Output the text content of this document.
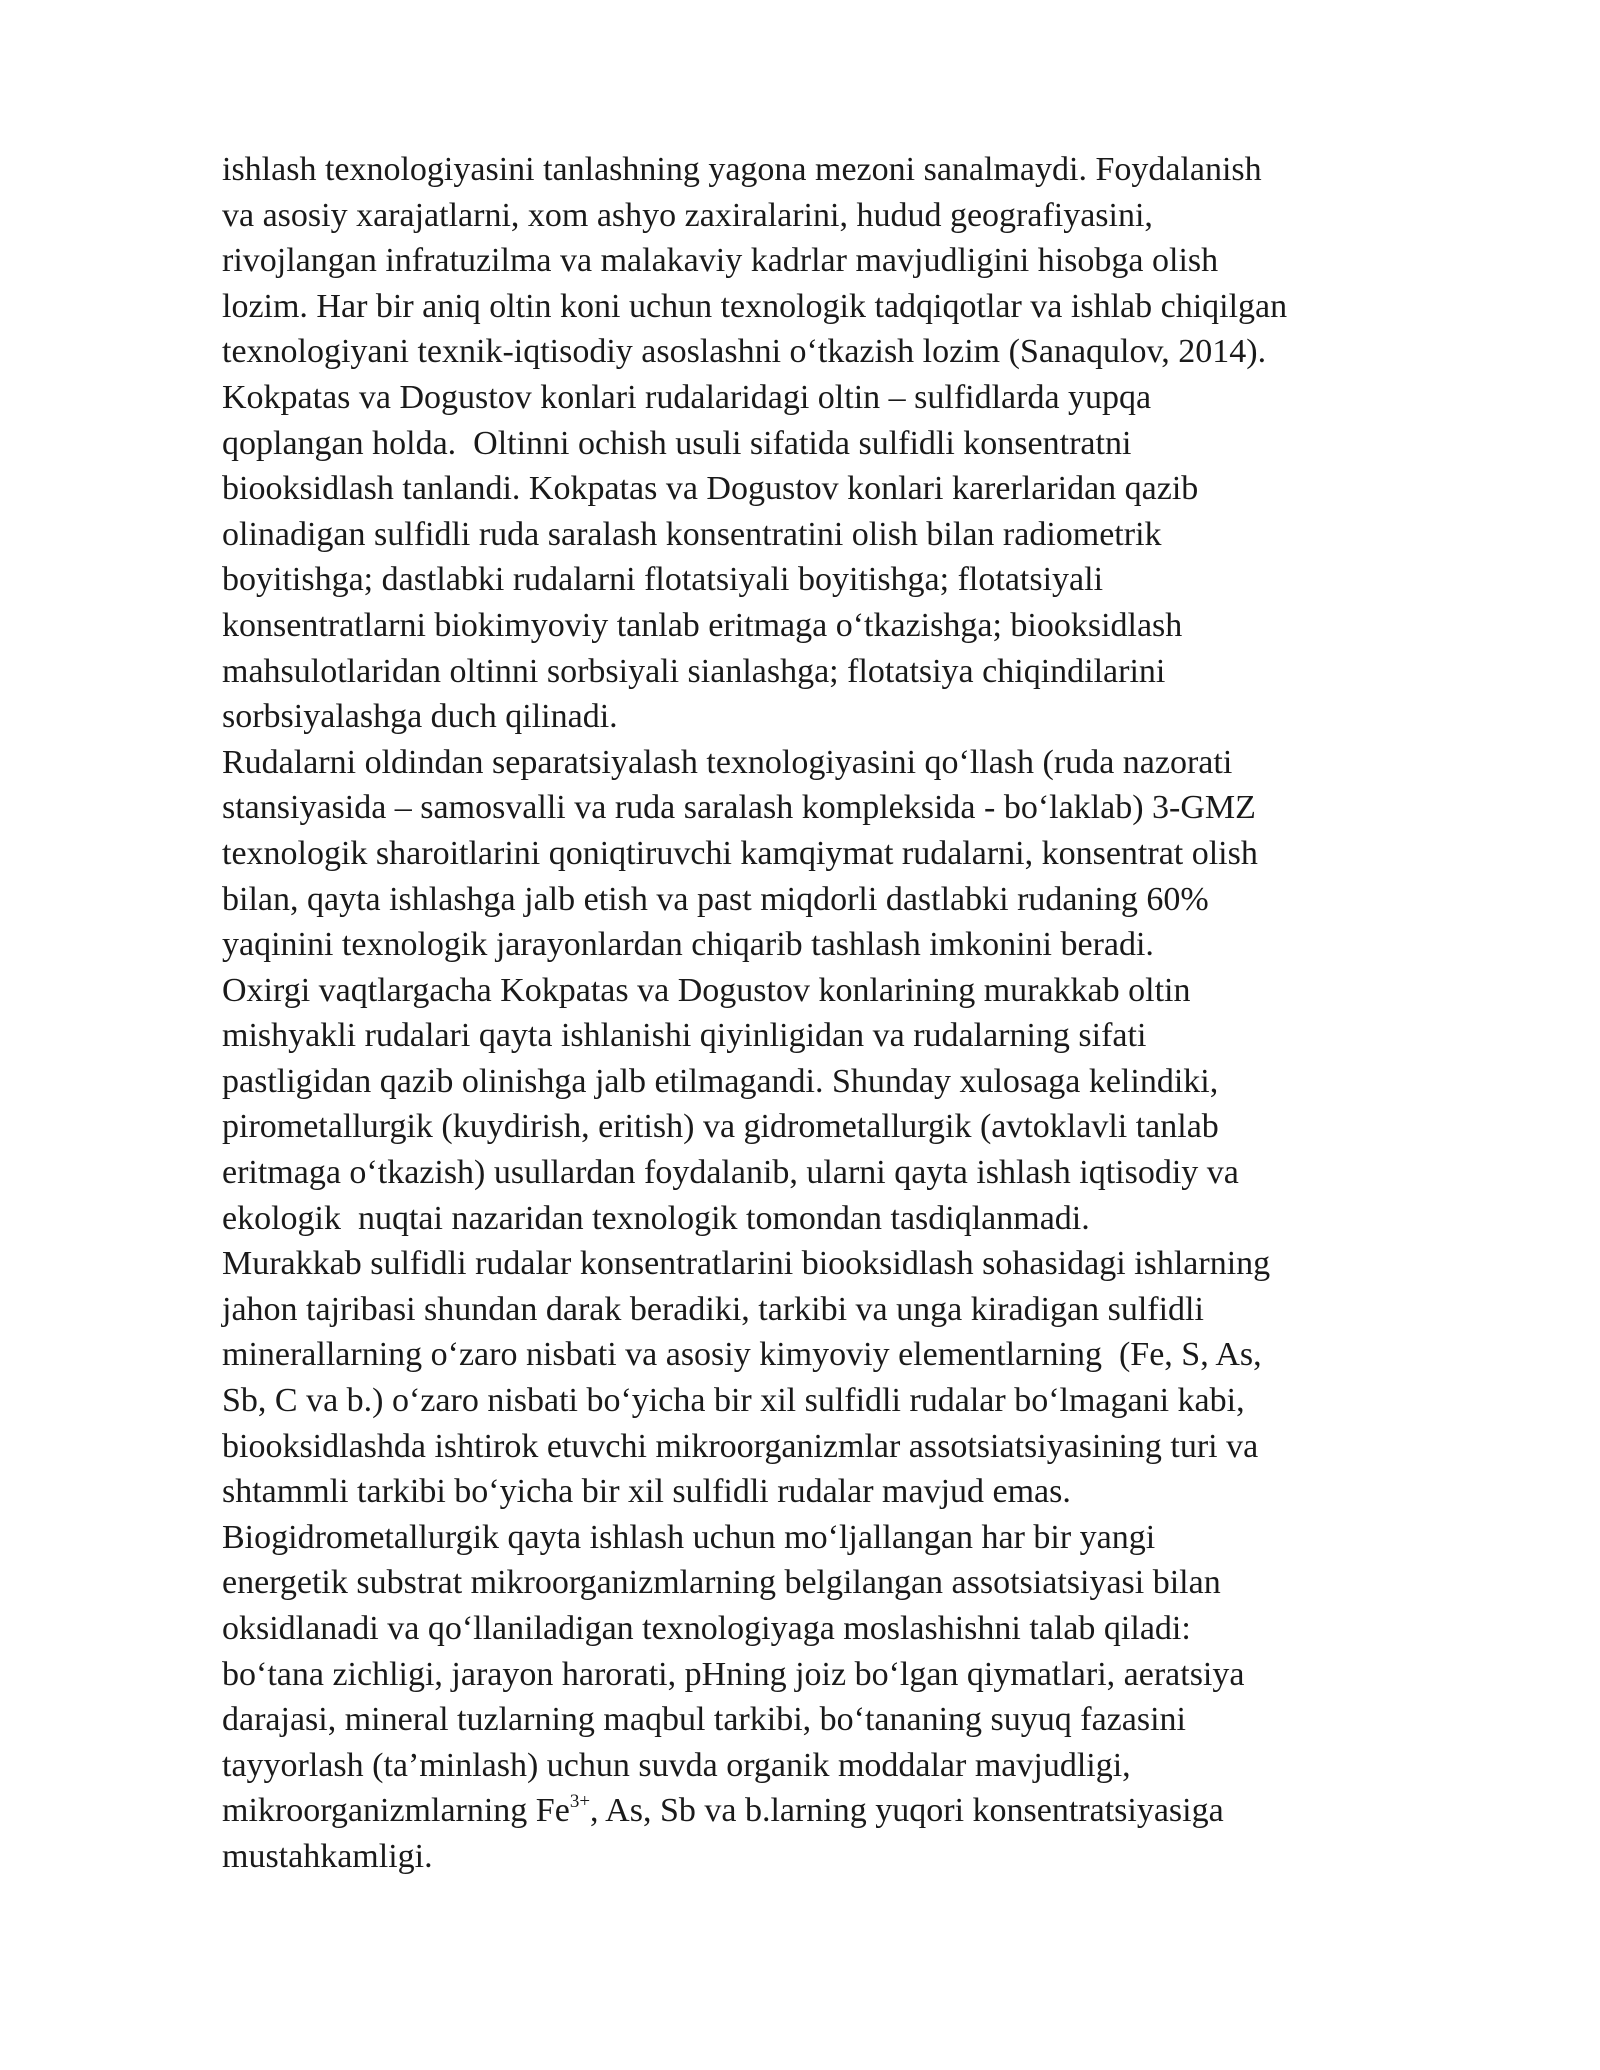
ishlash texnologiyasini tanlashning yagona mezoni sanalmaydi. Foydalanish
va asosiy xarajatlarni, xom ashyo zaxiralarini, hudud geografiyasini,
rivojlangan infratuzilma va malakaviy kadrlar mavjudligini hisobga olish
lozim. Har bir aniq oltin koni uchun texnologik tadqiqotlar va ishlab chiqilgan
texnologiyani texnik-iqtisodiy asoslashni o‘tkazish lozim (Sanaqulov, 2014).
Kokpatas va Dogustov konlari rudalaridagi oltin – sulfidlarda yupqa
qoplangan holda.  Oltinni ochish usuli sifatida sulfidli konsentratni
biooksidlash tanlandi. Kokpatas va Dogustov konlari karerlaridan qazib
olinadigan sulfidli ruda saralash konsentratini olish bilan radiometrik
boyitishga; dastlabki rudalarni flotatsiyali boyitishga; flotatsiyali
konsentratlarni biokimyoviy tanlab eritmaga o‘tkazishga; biooksidlash
mahsulotlaridan oltinni sorbsiyali sianlashga; flotatsiya chiqindilarini
sorbsiyalashga duch qilinadi.
Rudalarni oldindan separatsiyalash texnologiyasini qo‘llash (ruda nazorati
stansiyasida – samosvalli va ruda saralash kompleksida - bo‘laklab) 3-GMZ
texnologik sharoitlarini qoniqtiruvchi kamqiymat rudalarni, konsentrat olish
bilan, qayta ishlashga jalb etish va past miqdorli dastlabki rudaning 60%
yaqinini texnologik jarayonlardan chiqarib tashlash imkonini beradi.
Oxirgi vaqtlargacha Kokpatas va Dogustov konlarining murakkab oltin
mishyakli rudalari qayta ishlanishi qiyinligidan va rudalarning sifati
pastligidan qazib olinishga jalb etilmagandi. Shunday xulosaga kelindiki,
pirometallurgik (kuydirish, eritish) va gidrometallurgik (avtoklavli tanlab
eritmaga o‘tkazish) usullardan foydalanib, ularni qayta ishlash iqtisodiy va
ekologik  nuqtai nazaridan texnologik tomondan tasdiqlanmadi.
Murakkab sulfidli rudalar konsentratlarini biooksidlash sohasidagi ishlarning
jahon tajribasi shundan darak beradiki, tarkibi va unga kiradigan sulfidli
minerallarning o‘zaro nisbati va asosiy kimyoviy elementlarning  (Fe, S, As,
Sb, C va b.) o‘zaro nisbati bo‘yicha bir xil sulfidli rudalar bo‘lmagani kabi,
biooksidlashda ishtirok etuvchi mikroorganizmlar assotsiatsiyasining turi va
shtammli tarkibi bo‘yicha bir xil sulfidli rudalar mavjud emas.
Biogidrometallurgik qayta ishlash uchun mo‘ljallangan har bir yangi
energetik substrat mikroorganizmlarning belgilangan assotsiatsiyasi bilan
oksidlanadi va qo‘llaniladigan texnologiyaga moslashishni talab qiladi:
bo‘tana zichligi, jarayon harorati, pHning joiz bo‘lgan qiymatlari, aeratsiya
darajasi, mineral tuzlarning maqbul tarkibi, bo‘tananing suyuq fazasini
tayyorlash (ta’minlash) uchun suvda organik moddalar mavjudligi,
mikroorganizmlarning $Fe^{3+}$, As, Sb va b.larning yuqori konsentratsiyasiga
mustahkamligi.
